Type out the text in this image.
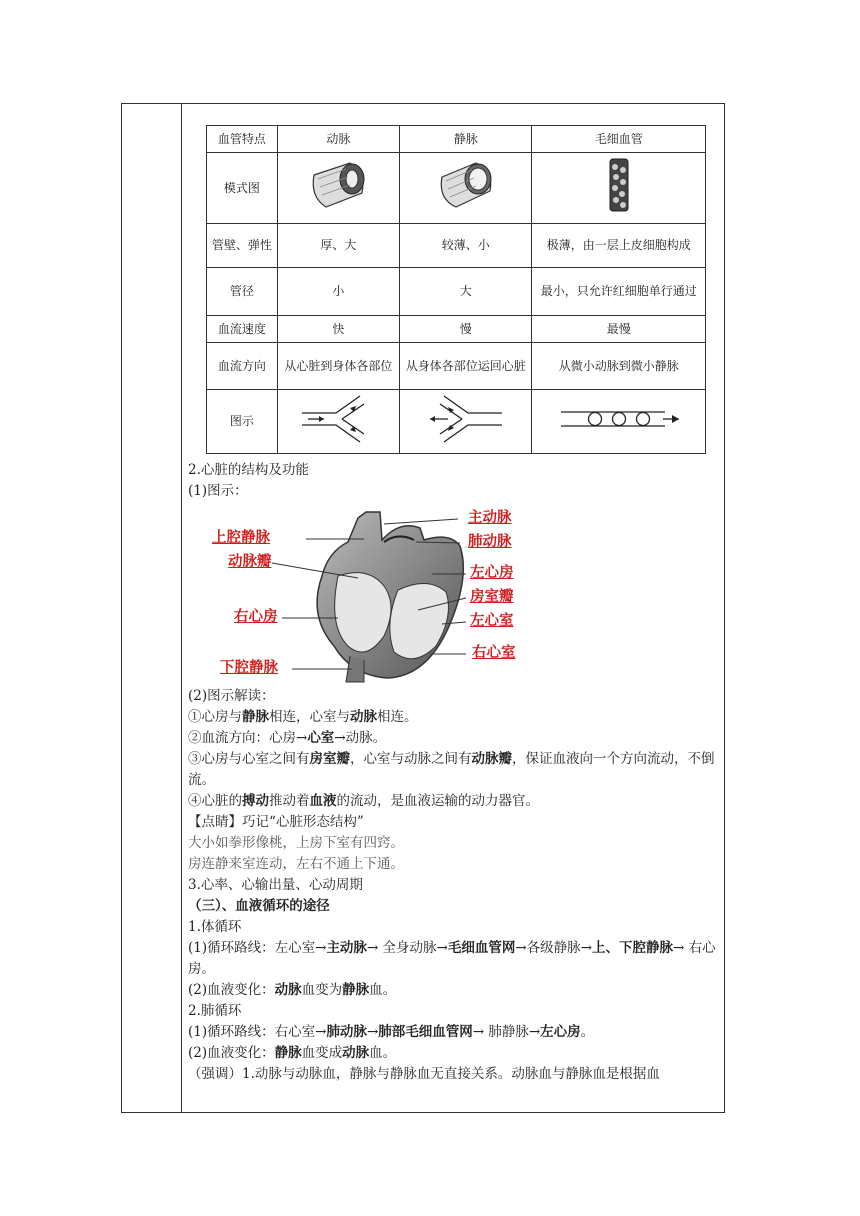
血管特点	动脉	静脉	毛细血管
模式图			
管壁、弹性	厚、大	较薄、小	极薄，由一层上皮细胞构成
管径	小	大	最小，只允许红细胞单行通过
血流速度	快	慢	最慢
血流方向	从心脏到身体各部位	从身体各部位运回心脏	从微小动脉到微小静脉
图示			

2.心脏的结构及功能

(1)图示：

上腔静脉
动脉瓣
右心房
下腔静脉
主动脉
肺动脉
左心房
房室瓣
左心室
右心室

(2)图示解读：

①心房与静脉相连，心室与动脉相连。

②血流方向：心房→心室→动脉。

③心房与心室之间有房室瓣，心室与动脉之间有动脉瓣，保证血液向一个方向流动，不倒流。

④心脏的搏动推动着血液的流动，是血液运输的动力器官。

【点睛】巧记“心脏形态结构”

大小如拳形像桃，上房下室有四窍。

房连静来室连动，左右不通上下通。

3.心率、心输出量、心动周期

（三）、血液循环的途径

1.体循环

(1)循环路线：左心室→主动脉→ 全身动脉→毛细血管网→各级静脉→上、下腔静脉→ 右心房。

(2)血液变化：动脉血变为静脉血。

2.肺循环

(1)循环路线：右心室→肺动脉→肺部毛细血管网→ 肺静脉→左心房。

(2)血液变化：静脉血变成动脉血。

（强调）1.动脉与动脉血，静脉与静脉血无直接关系。动脉血与静脉血是根据血
